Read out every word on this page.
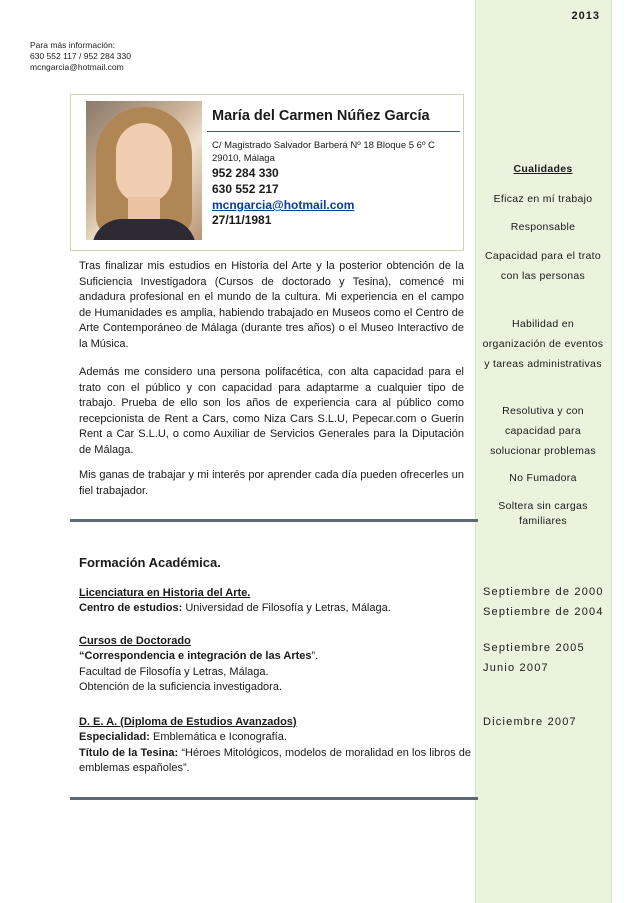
2013
Para más información:
630 552 117 / 952 284 330
mcngarcia@hotmail.com
María del Carmen Núñez García
C/ Magistrado Salvador Barberá Nº 18 Bloque 5 6º C
29010, Málaga
952 284 330
630 552 217
mcngarcia@hotmail.com
27/11/1981

Tras finalizar mis estudios en Historia del Arte y la posterior obtención de la Suficiencia Investigadora (Cursos de doctorado y Tesina), comencé mi andadura profesional en el mundo de la cultura. Mi experiencia en el campo de Humanidades es amplia, habiendo trabajado en Museos como el Centro de Arte Contemporáneo de Málaga (durante tres años) o el Museo Interactivo de la Música.

Además me considero una persona polifacética, con alta capacidad para el trato con el público y con capacidad para adaptarme a cualquier tipo de trabajo. Prueba de ello son los años de experiencia cara al público como recepcionista de Rent a Cars, como Niza Cars S.L.U, Pepecar.com o Guerin Rent a Car S.L.U, o como Auxiliar de Servicios Generales para la Diputación de Málaga.

Mis ganas de trabajar y mi interés por aprender cada día pueden ofrecerles un fiel trabajador.

Cualidades
Eficaz en mí trabajo
Responsable
Capacidad para el trato con las personas
Habilidad en organización de eventos y tareas administrativas
Resolutiva y con capacidad para solucionar problemas
No Fumadora
Soltera sin cargas familiares
Formación Académica.
Licenciatura en Historia del Arte.
Centro de estudios: Universidad de Filosofía y Letras, Málaga.
Cursos de Doctorado
“Correspondencia e integración de las Artes”.
Facultad de Filosofía y Letras, Málaga.
Obtención de la suficiencia investigadora.
D. E. A. (Diploma de Estudios Avanzados)
Especialidad: Emblemática e Iconografía.
Título de la Tesina: “Héroes Mitológicos, modelos de moralidad en los libros de emblemas españoles”.
Septiembre de 2000
Septiembre de 2004
Septiembre 2005
Junio 2007
Diciembre 2007
